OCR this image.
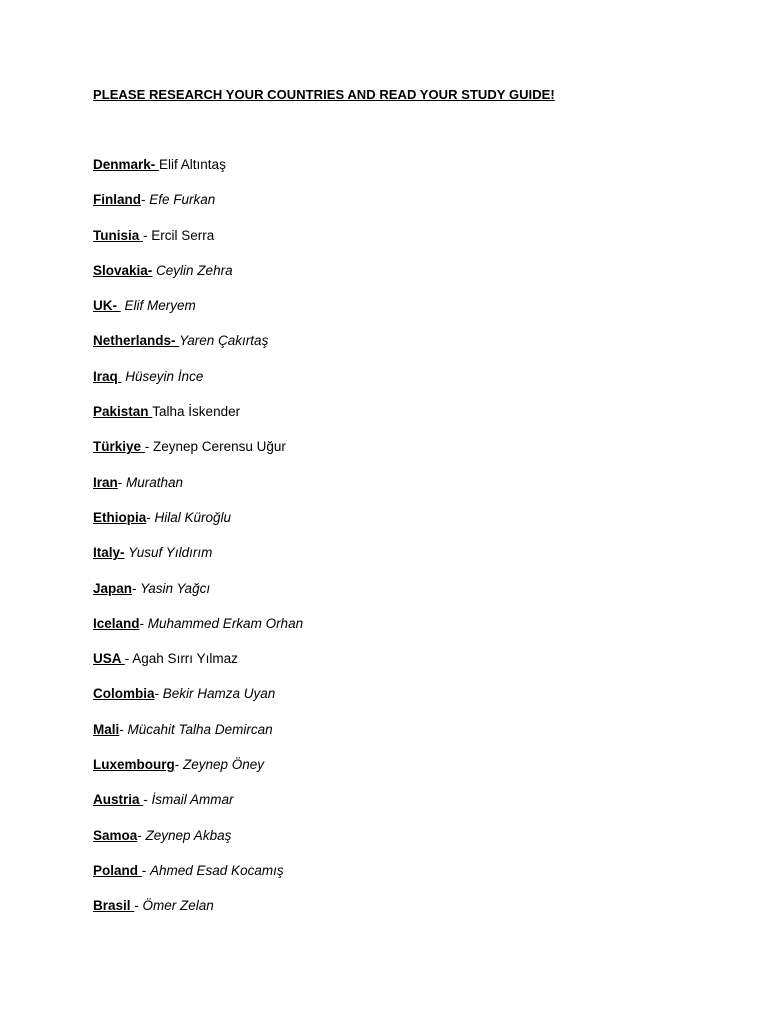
PLEASE RESEARCH YOUR COUNTRIES AND READ YOUR STUDY GUIDE!
Denmark- Elif Altıntaş
Finland- Efe Furkan
Tunisia - Ercil Serra
Slovakia- Ceylin Zehra
UK-  Elif Meryem
Netherlands- Yaren Çakırtaş
Iraq  Hüseyin İnce
Pakistan Talha İskender
Türkiye - Zeynep Cerensu Uğur
Iran- Murathan
Ethiopia- Hilal Küroğlu
Italy- Yusuf Yıldırım
Japan- Yasin Yağcı
Iceland- Muhammed Erkam Orhan
USA - Agah Sırrı Yılmaz
Colombia- Bekir Hamza Uyan
Mali- Mücahit Talha Demircan
Luxembourg- Zeynep Öney
Austria - İsmail Ammar
Samoa- Zeynep Akbaş
Poland - Ahmed Esad Kocamış
Brasil - Ömer Zelan
